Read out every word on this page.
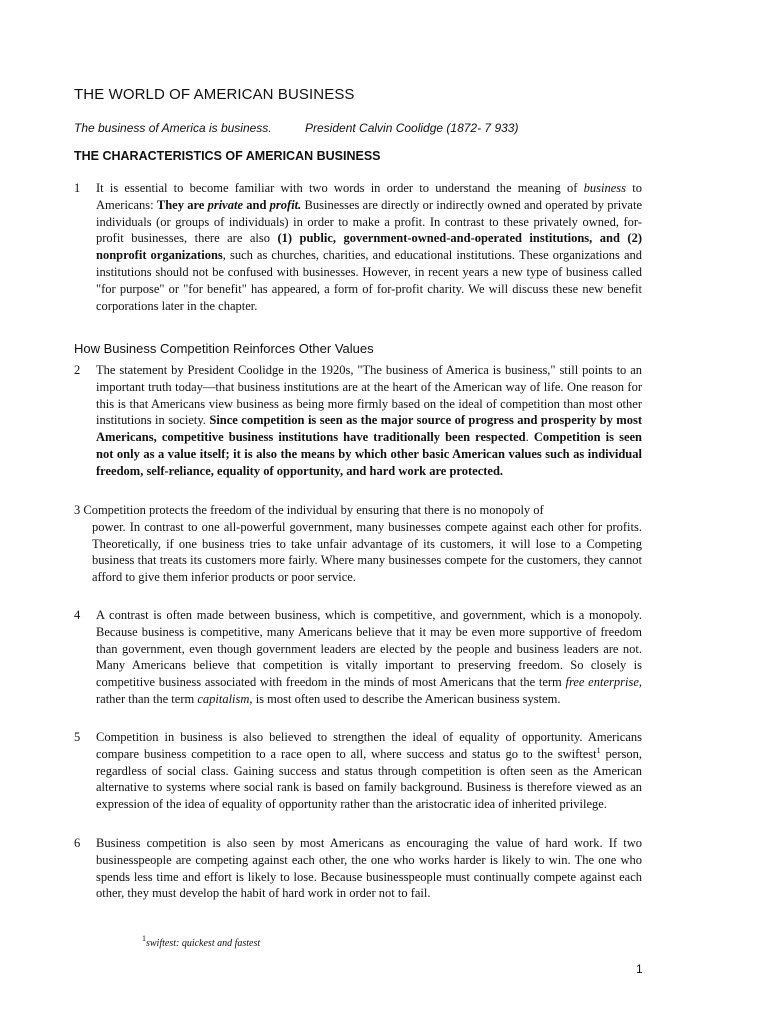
THE WORLD OF AMERICAN BUSINESS
The business of America is business.	President Calvin Coolidge (1872- 7 933)
THE CHARACTERISTICS OF AMERICAN BUSINESS
1 It is essential to become familiar with two words in order to understand the meaning of business to Americans: They are private and profit. Businesses are directly or indirectly owned and operated by private individuals (or groups of individuals) in order to make a profit. In contrast to these privately owned, for-profit businesses, there are also (1) public, government-owned-and-operated institutions, and (2) nonprofit organizations, such as churches, charities, and educational institutions. These organizations and institutions should not be confused with businesses. However, in recent years a new type of business called "for purpose" or "for benefit" has appeared, a form of for-profit charity. We will discuss these new benefit corporations later in the chapter.
How Business Competition Reinforces Other Values
2 The statement by President Coolidge in the 1920s, "The business of America is business," still points to an important truth today—that business institutions are at the heart of the American way of life. One reason for this is that Americans view business as being more firmly based on the ideal of competition than most other institutions in society. Since competition is seen as the major source of progress and prosperity by most Americans, competitive business institutions have traditionally been respected. Competition is seen not only as a value itself; it is also the means by which other basic American values such as individual freedom, self-reliance, equality of opportunity, and hard work are protected.
3 Competition protects the freedom of the individual by ensuring that there is no monopoly of
power. In contrast to one all-powerful government, many businesses compete against each other for profits. Theoretically, if one business tries to take unfair advantage of its customers, it will lose to a Competing business that treats its customers more fairly. Where many businesses compete for the customers, they cannot afford to give them inferior products or poor service.
4 A contrast is often made between business, which is competitive, and government, which is a monopoly. Because business is competitive, many Americans believe that it may be even more supportive of freedom than government, even though government leaders are elected by the people and business leaders are not. Many Americans believe that competition is vitally important to preserving freedom. So closely is competitive business associated with freedom in the minds of most Americans that the term free enterprise, rather than the term capitalism, is most often used to describe the American business system.
5 Competition in business is also believed to strengthen the ideal of equality of opportunity. Americans compare business competition to a race open to all, where success and status go to the swiftest$^1$ person, regardless of social class. Gaining success and status through competition is often seen as the American alternative to systems where social rank is based on family background. Business is therefore viewed as an expression of the idea of equality of opportunity rather than the aristocratic idea of inherited privilege.
6 Business competition is also seen by most Americans as encouraging the value of hard work. If two businesspeople are competing against each other, the one who works harder is likely to win. The one who spends less time and effort is likely to lose. Because businesspeople must continually compete against each other, they must develop the habit of hard work in order not to fail.
$^1$swiftest: quickest and fastest
1
